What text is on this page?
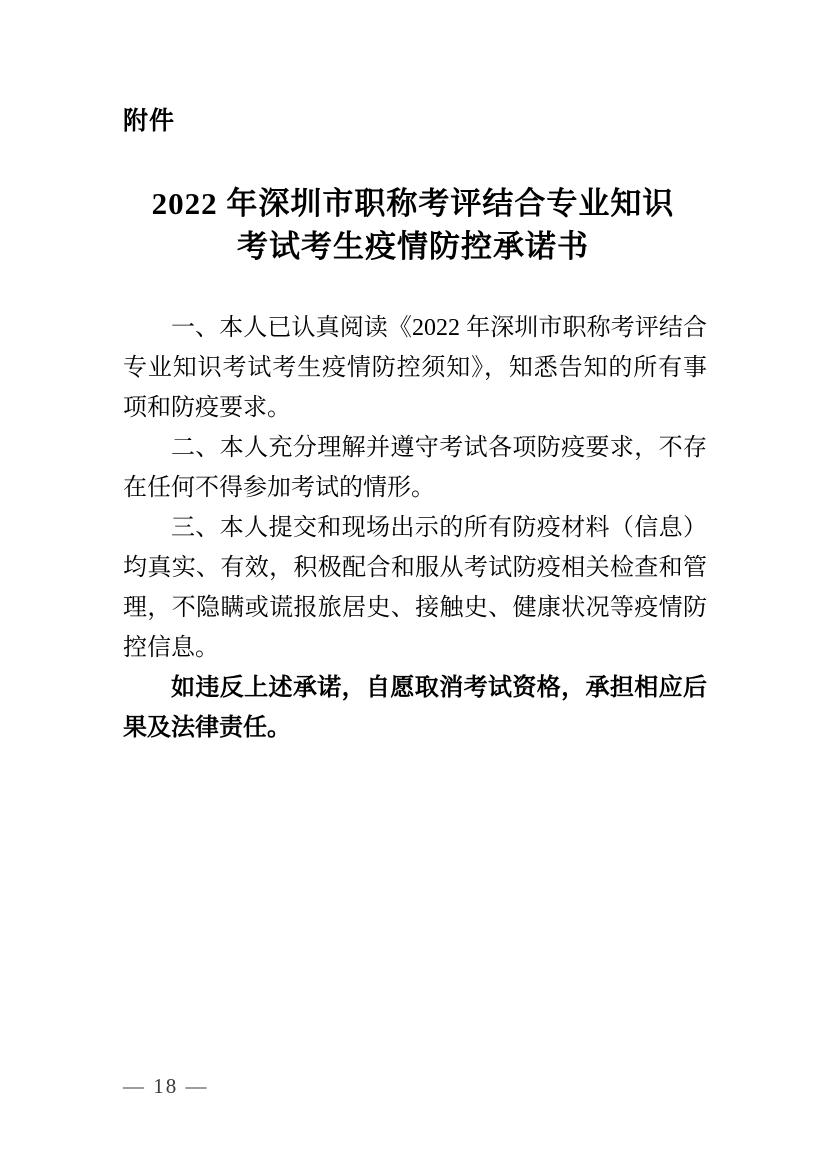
附件
2022 年深圳市职称考评结合专业知识
考试考生疫情防控承诺书

一、本人已认真阅读《2022 年深圳市职称考评结合专业知识考试考生疫情防控须知》，知悉告知的所有事项和防疫要求。

二、本人充分理解并遵守考试各项防疫要求，不存在任何不得参加考试的情形。

三、本人提交和现场出示的所有防疫材料（信息）均真实、有效，积极配合和服从考试防疫相关检查和管理，不隐瞒或谎报旅居史、接触史、健康状况等疫情防控信息。

如违反上述承诺，自愿取消考试资格，承担相应后果及法律责任。

— 18 —
